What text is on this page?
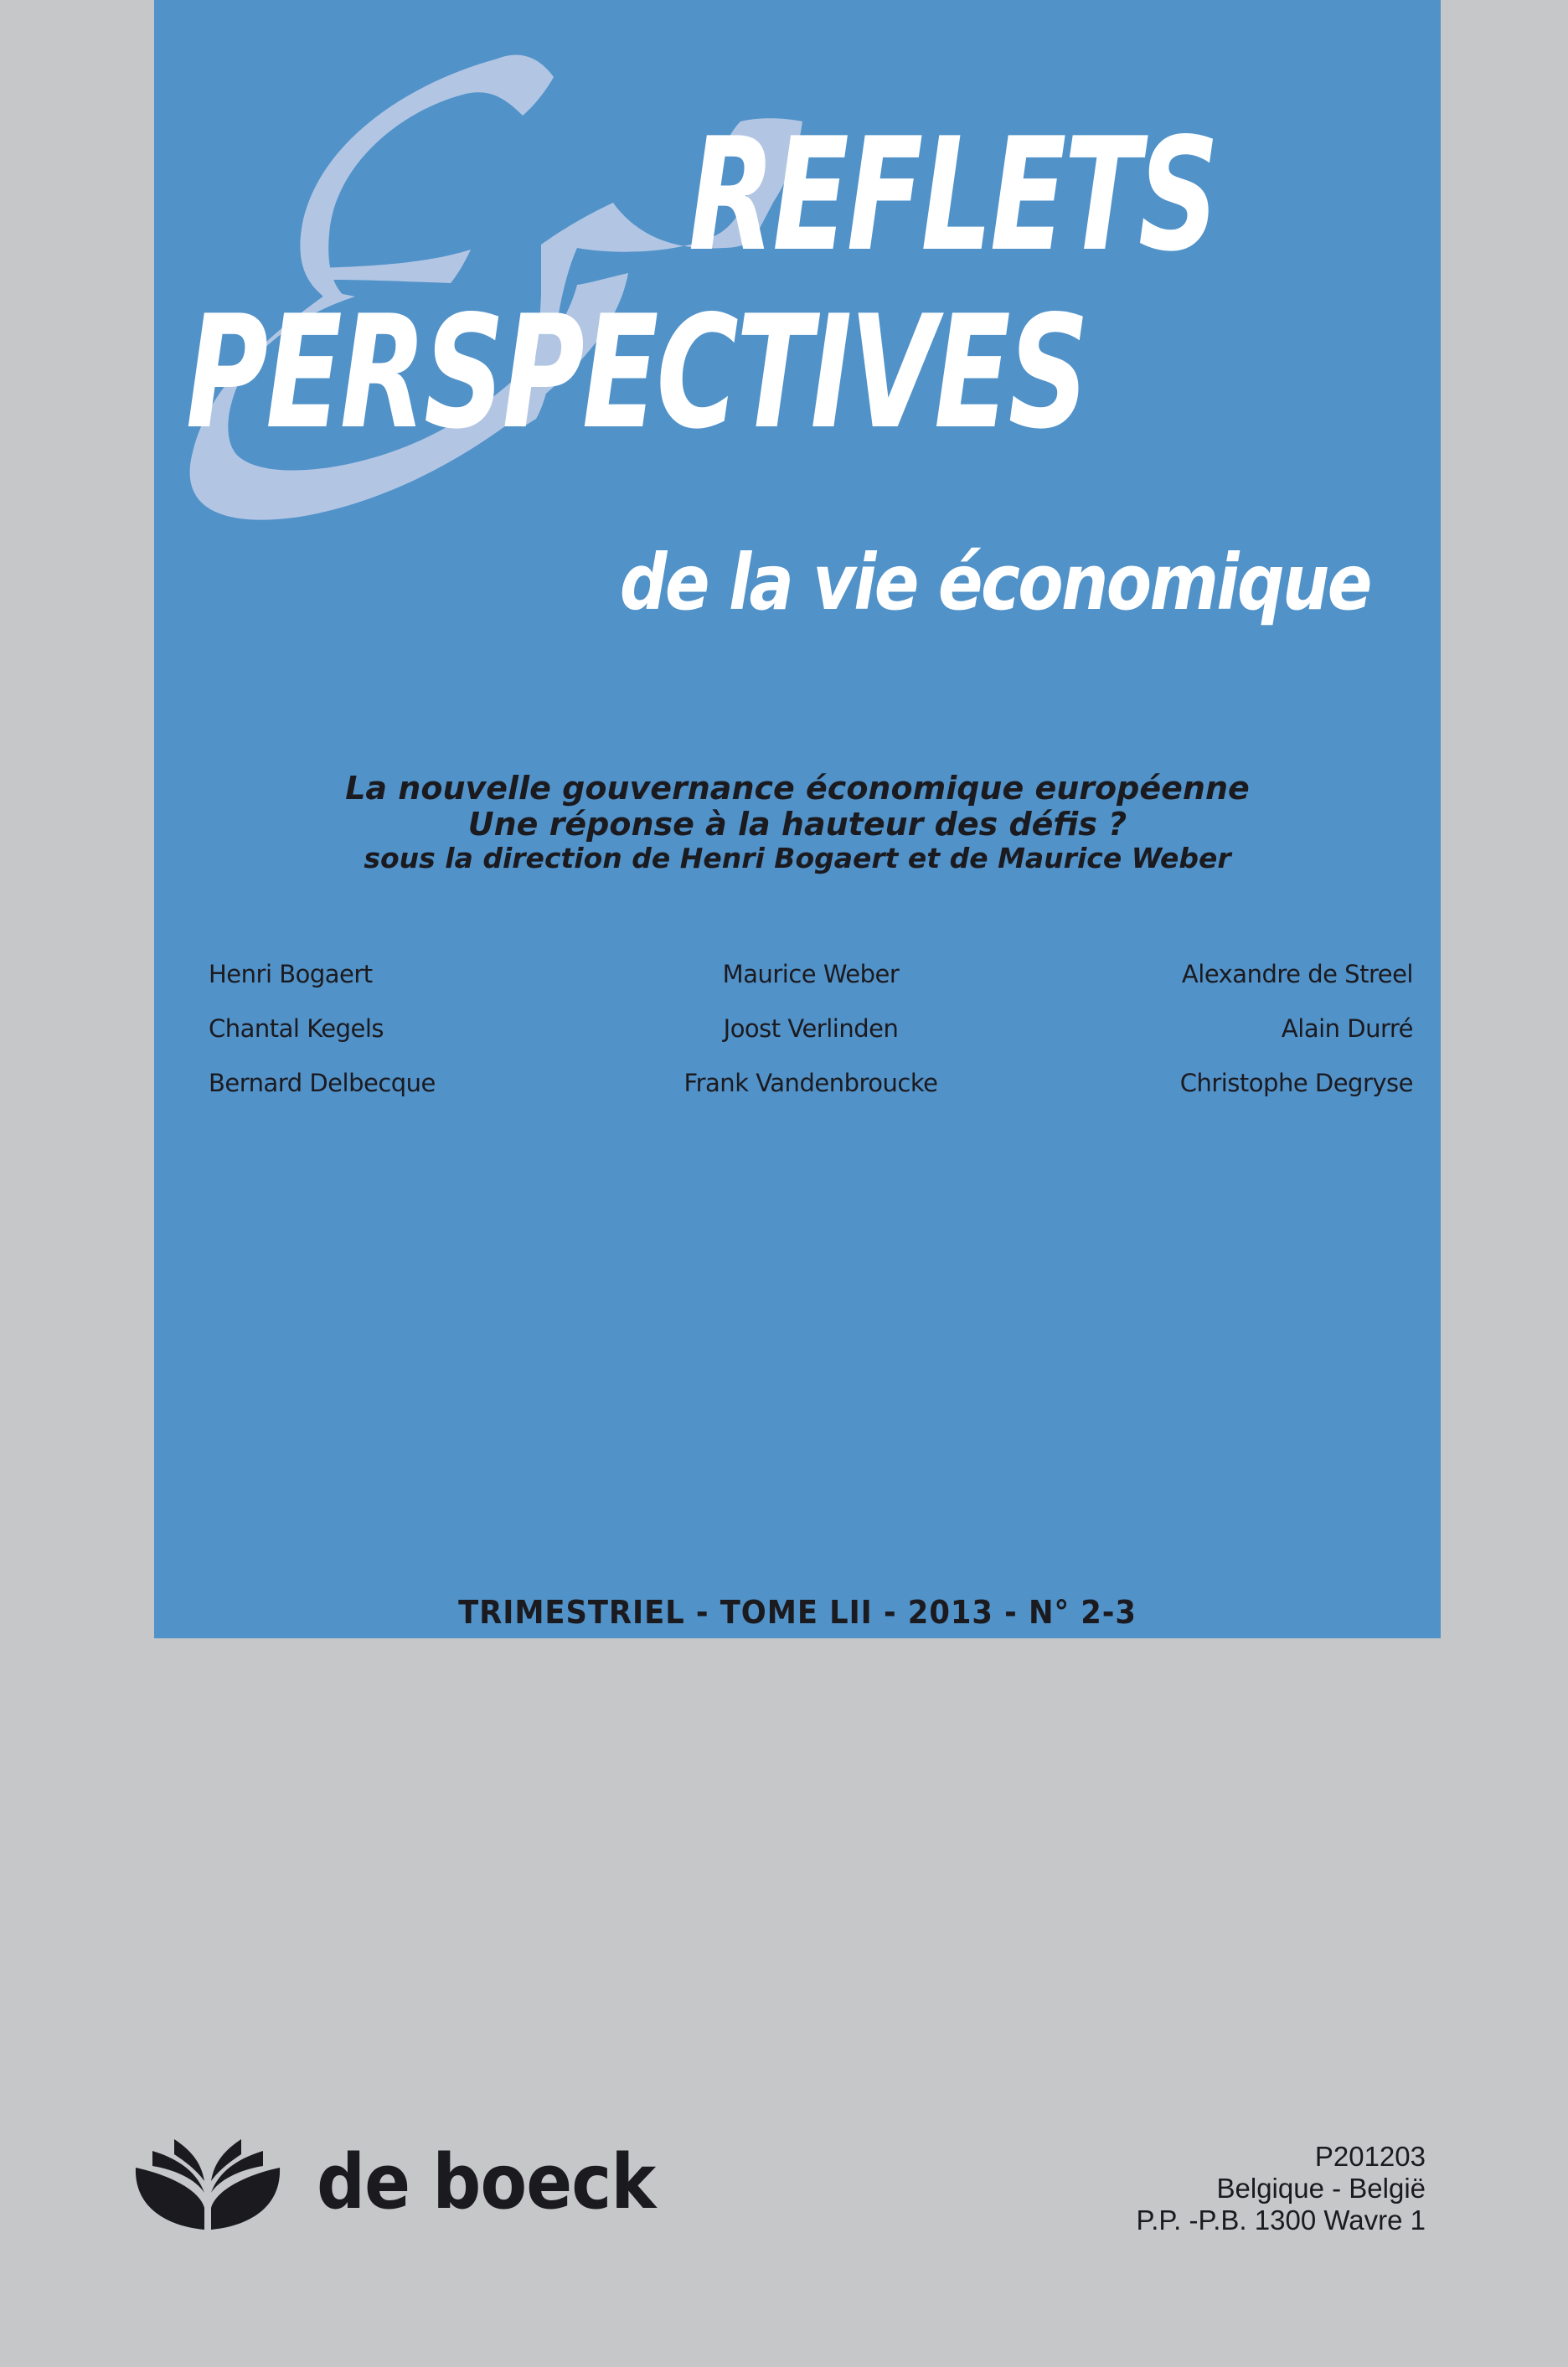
REFLETS
PERSPECTIVES
de la vie économique
La nouvelle gouvernance économique européenne
Une réponse à la hauteur des défis ?
sous la direction de Henri Bogaert et de Maurice Weber
Henri Bogaert	Maurice Weber	Alexandre de Streel
Chantal Kegels	Joost Verlinden	Alain Durré
Bernard Delbecque	Frank Vandenbroucke	Christophe Degryse
TRIMESTRIEL - TOME LII - 2013 - N° 2-3
de boeck	P201203
Belgique - België
P.P. -P.B. 1300 Wavre 1
